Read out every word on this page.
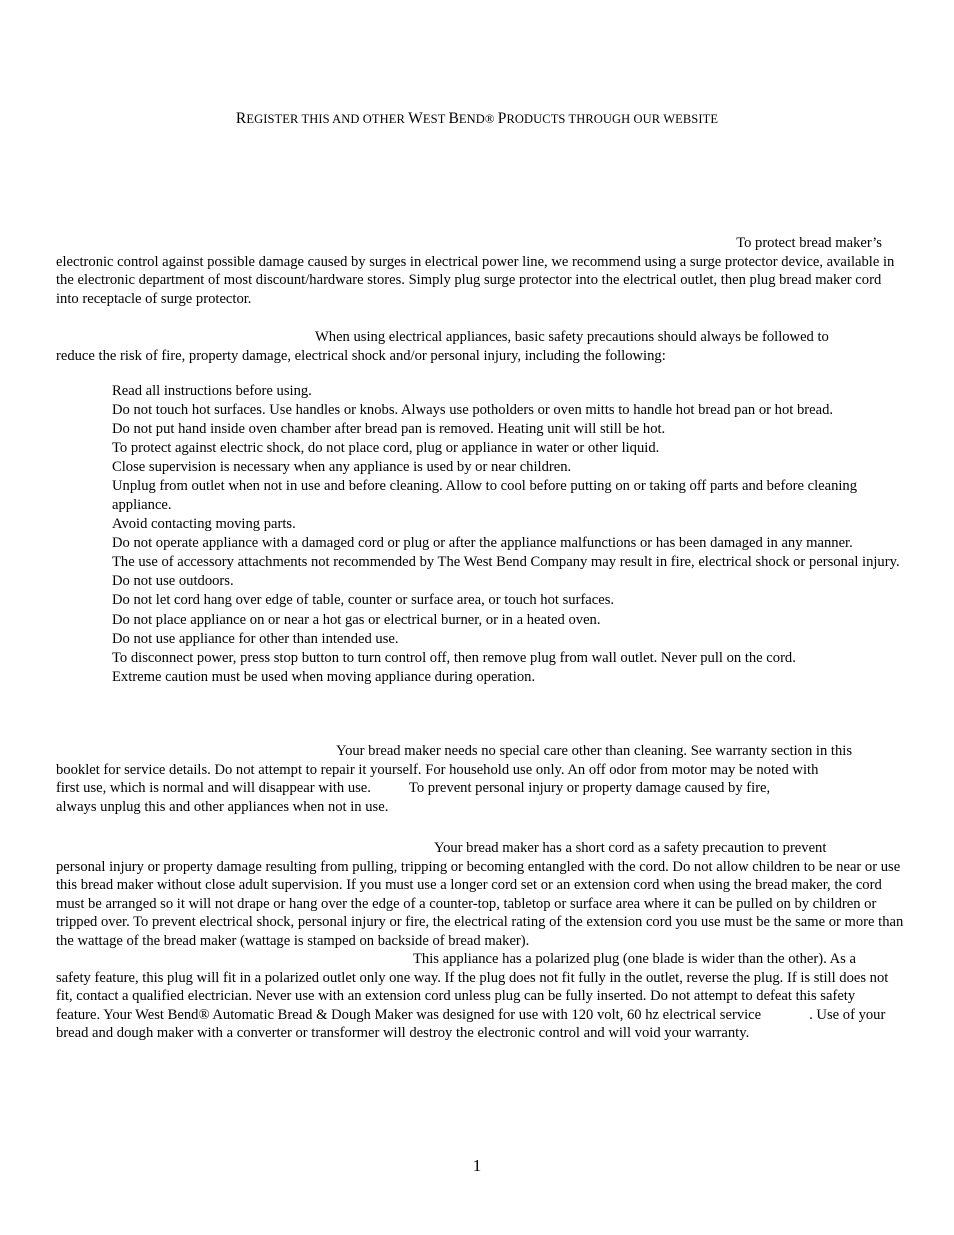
REGISTER THIS AND OTHER WEST BEND® PRODUCTS THROUGH OUR WEBSITE

To protect bread maker’s
electronic control against possible damage caused by surges in electrical power line, we recommend using a surge protector device, available in the electronic department of most discount/hardware stores. Simply plug surge protector into the electrical outlet, then plug bread maker cord into receptacle of surge protector.

When using electrical appliances, basic safety precautions should always be followed to
reduce the risk of fire, property damage, electrical shock and/or personal injury, including the following:

Read all instructions before using.
Do not touch hot surfaces. Use handles or knobs. Always use potholders or oven mitts to handle hot bread pan or hot bread.
Do not put hand inside oven chamber after bread pan is removed. Heating unit will still be hot.
To protect against electric shock, do not place cord, plug or appliance in water or other liquid.
Close supervision is necessary when any appliance is used by or near children.
Unplug from outlet when not in use and before cleaning. Allow to cool before putting on or taking off parts and before cleaning appliance.
Avoid contacting moving parts.
Do not operate appliance with a damaged cord or plug or after the appliance malfunctions or has been damaged in any manner.
The use of accessory attachments not recommended by The West Bend Company may result in fire, electrical shock or personal injury.
Do not use outdoors.
Do not let cord hang over edge of table, counter or surface area, or touch hot surfaces.
Do not place appliance on or near a hot gas or electrical burner, or in a heated oven.
Do not use appliance for other than intended use.
To disconnect power, press stop button to turn control off, then remove plug from wall outlet. Never pull on the cord.
Extreme caution must be used when moving appliance during operation.

Your bread maker needs no special care other than cleaning. See warranty section in this
booklet for service details. Do not attempt to repair it yourself. For household use only. An off odor from motor may be noted with
first use, which is normal and will disappear with use.	To prevent personal injury or property damage caused by fire,
always unplug this and other appliances when not in use.

Your bread maker has a short cord as a safety precaution to prevent
personal injury or property damage resulting from pulling, tripping or becoming entangled with the cord. Do not allow children to be near or use this bread maker without close adult supervision. If you must use a longer cord set or an extension cord when using the bread maker, the cord must be arranged so it will not drape or hang over the edge of a counter-top, tabletop or surface area where it can be pulled on by children or tripped over. To prevent electrical shock, personal injury or fire, the electrical rating of the extension cord you use must be the same or more than the wattage of the bread maker (wattage is stamped on backside of bread maker).

This appliance has a polarized plug (one blade is wider than the other). As a
safety feature, this plug will fit in a polarized outlet only one way. If the plug does not fit fully in the outlet, reverse the plug. If is still does not fit, contact a qualified electrician. Never use with an extension cord unless plug can be fully inserted. Do not attempt to defeat this safety feature. Your West Bend® Automatic Bread & Dough Maker was designed for use with 120 volt, 60 hz electrical service	. Use of your bread and dough maker with a converter or transformer will destroy the electronic control and will void your warranty.

1
